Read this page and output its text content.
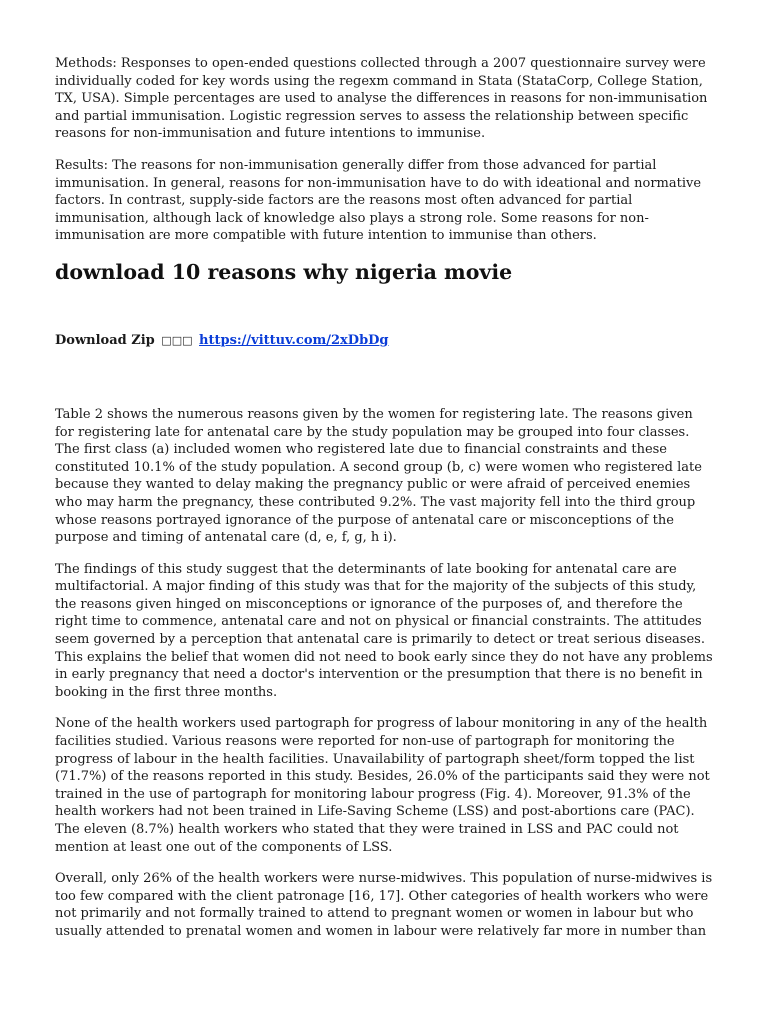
Methods: Responses to open-ended questions collected through a 2007 questionnaire survey were individually coded for key words using the regexm command in Stata (StataCorp, College Station, TX, USA). Simple percentages are used to analyse the differences in reasons for non-immunisation and partial immunisation. Logistic regression serves to assess the relationship between specific reasons for non-immunisation and future intentions to immunise.

Results: The reasons for non-immunisation generally differ from those advanced for partial immunisation. In general, reasons for non-immunisation have to do with ideational and normative factors. In contrast, supply-side factors are the reasons most often advanced for partial immunisation, although lack of knowledge also plays a strong role. Some reasons for non-immunisation are more compatible with future intention to immunise than others.

download 10 reasons why nigeria movie
Download Zip □□□ https://vittuv.com/2xDbDg

Table 2 shows the numerous reasons given by the women for registering late. The reasons given for registering late for antenatal care by the study population may be grouped into four classes. The first class (a) included women who registered late due to financial constraints and these constituted 10.1% of the study population. A second group (b, c) were women who registered late because they wanted to delay making the pregnancy public or were afraid of perceived enemies who may harm the pregnancy, these contributed 9.2%. The vast majority fell into the third group whose reasons portrayed ignorance of the purpose of antenatal care or misconceptions of the purpose and timing of antenatal care (d, e, f, g, h i).

The findings of this study suggest that the determinants of late booking for antenatal care are multifactorial. A major finding of this study was that for the majority of the subjects of this study, the reasons given hinged on misconceptions or ignorance of the purposes of, and therefore the right time to commence, antenatal care and not on physical or financial constraints. The attitudes seem governed by a perception that antenatal care is primarily to detect or treat serious diseases. This explains the belief that women did not need to book early since they do not have any problems in early pregnancy that need a doctor's intervention or the presumption that there is no benefit in booking in the first three months.

None of the health workers used partograph for progress of labour monitoring in any of the health facilities studied. Various reasons were reported for non-use of partograph for monitoring the progress of labour in the health facilities. Unavailability of partograph sheet/form topped the list (71.7%) of the reasons reported in this study. Besides, 26.0% of the participants said they were not trained in the use of partograph for monitoring labour progress (Fig. 4). Moreover, 91.3% of the health workers had not been trained in Life-Saving Scheme (LSS) and post-abortions care (PAC). The eleven (8.7%) health workers who stated that they were trained in LSS and PAC could not mention at least one out of the components of LSS.

Overall, only 26% of the health workers were nurse-midwives. This population of nurse-midwives is too few compared with the client patronage [16, 17]. Other categories of health workers who were not primarily and not formally trained to attend to pregnant women or women in labour but who usually attended to prenatal women and women in labour were relatively far more in number than
